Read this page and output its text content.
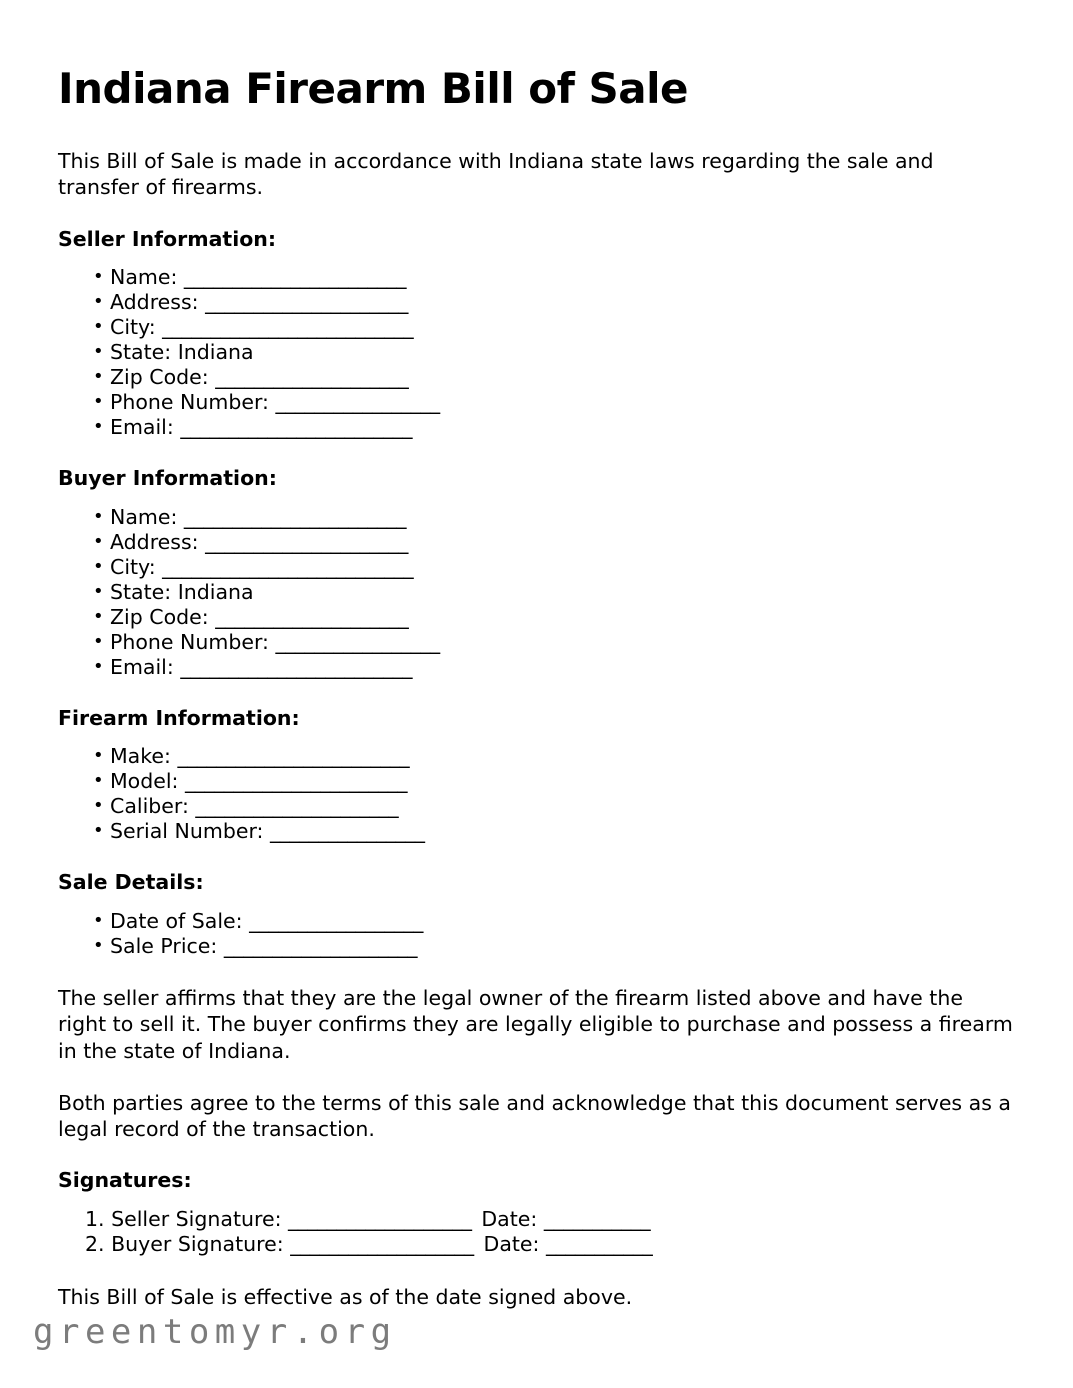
Indiana Firearm Bill of Sale

This Bill of Sale is made in accordance with Indiana state laws regarding the sale and transfer of firearms.

Seller Information:
• Name: _______________________
• Address: _____________________
• City: __________________________
• State: Indiana
• Zip Code: ____________________
• Phone Number: _________________
• Email: ________________________
Buyer Information:
• Name: _______________________
• Address: _____________________
• City: __________________________
• State: Indiana
• Zip Code: ____________________
• Phone Number: _________________
• Email: ________________________
Firearm Information:
• Make: ________________________
• Model: _______________________
• Caliber: _____________________
• Serial Number: ________________
Sale Details:
• Date of Sale: __________________
• Sale Price: ____________________

The seller affirms that they are the legal owner of the firearm listed above and have the right to sell it. The buyer confirms they are legally eligible to purchase and possess a firearm in the state of Indiana.

Both parties agree to the terms of this sale and acknowledge that this document serves as a legal record of the transaction.

Signatures:
1. Seller Signature: ___________________ Date: ___________
2. Buyer Signature: ___________________ Date: ___________

This Bill of Sale is effective as of the date signed above.

greentomyr.org
